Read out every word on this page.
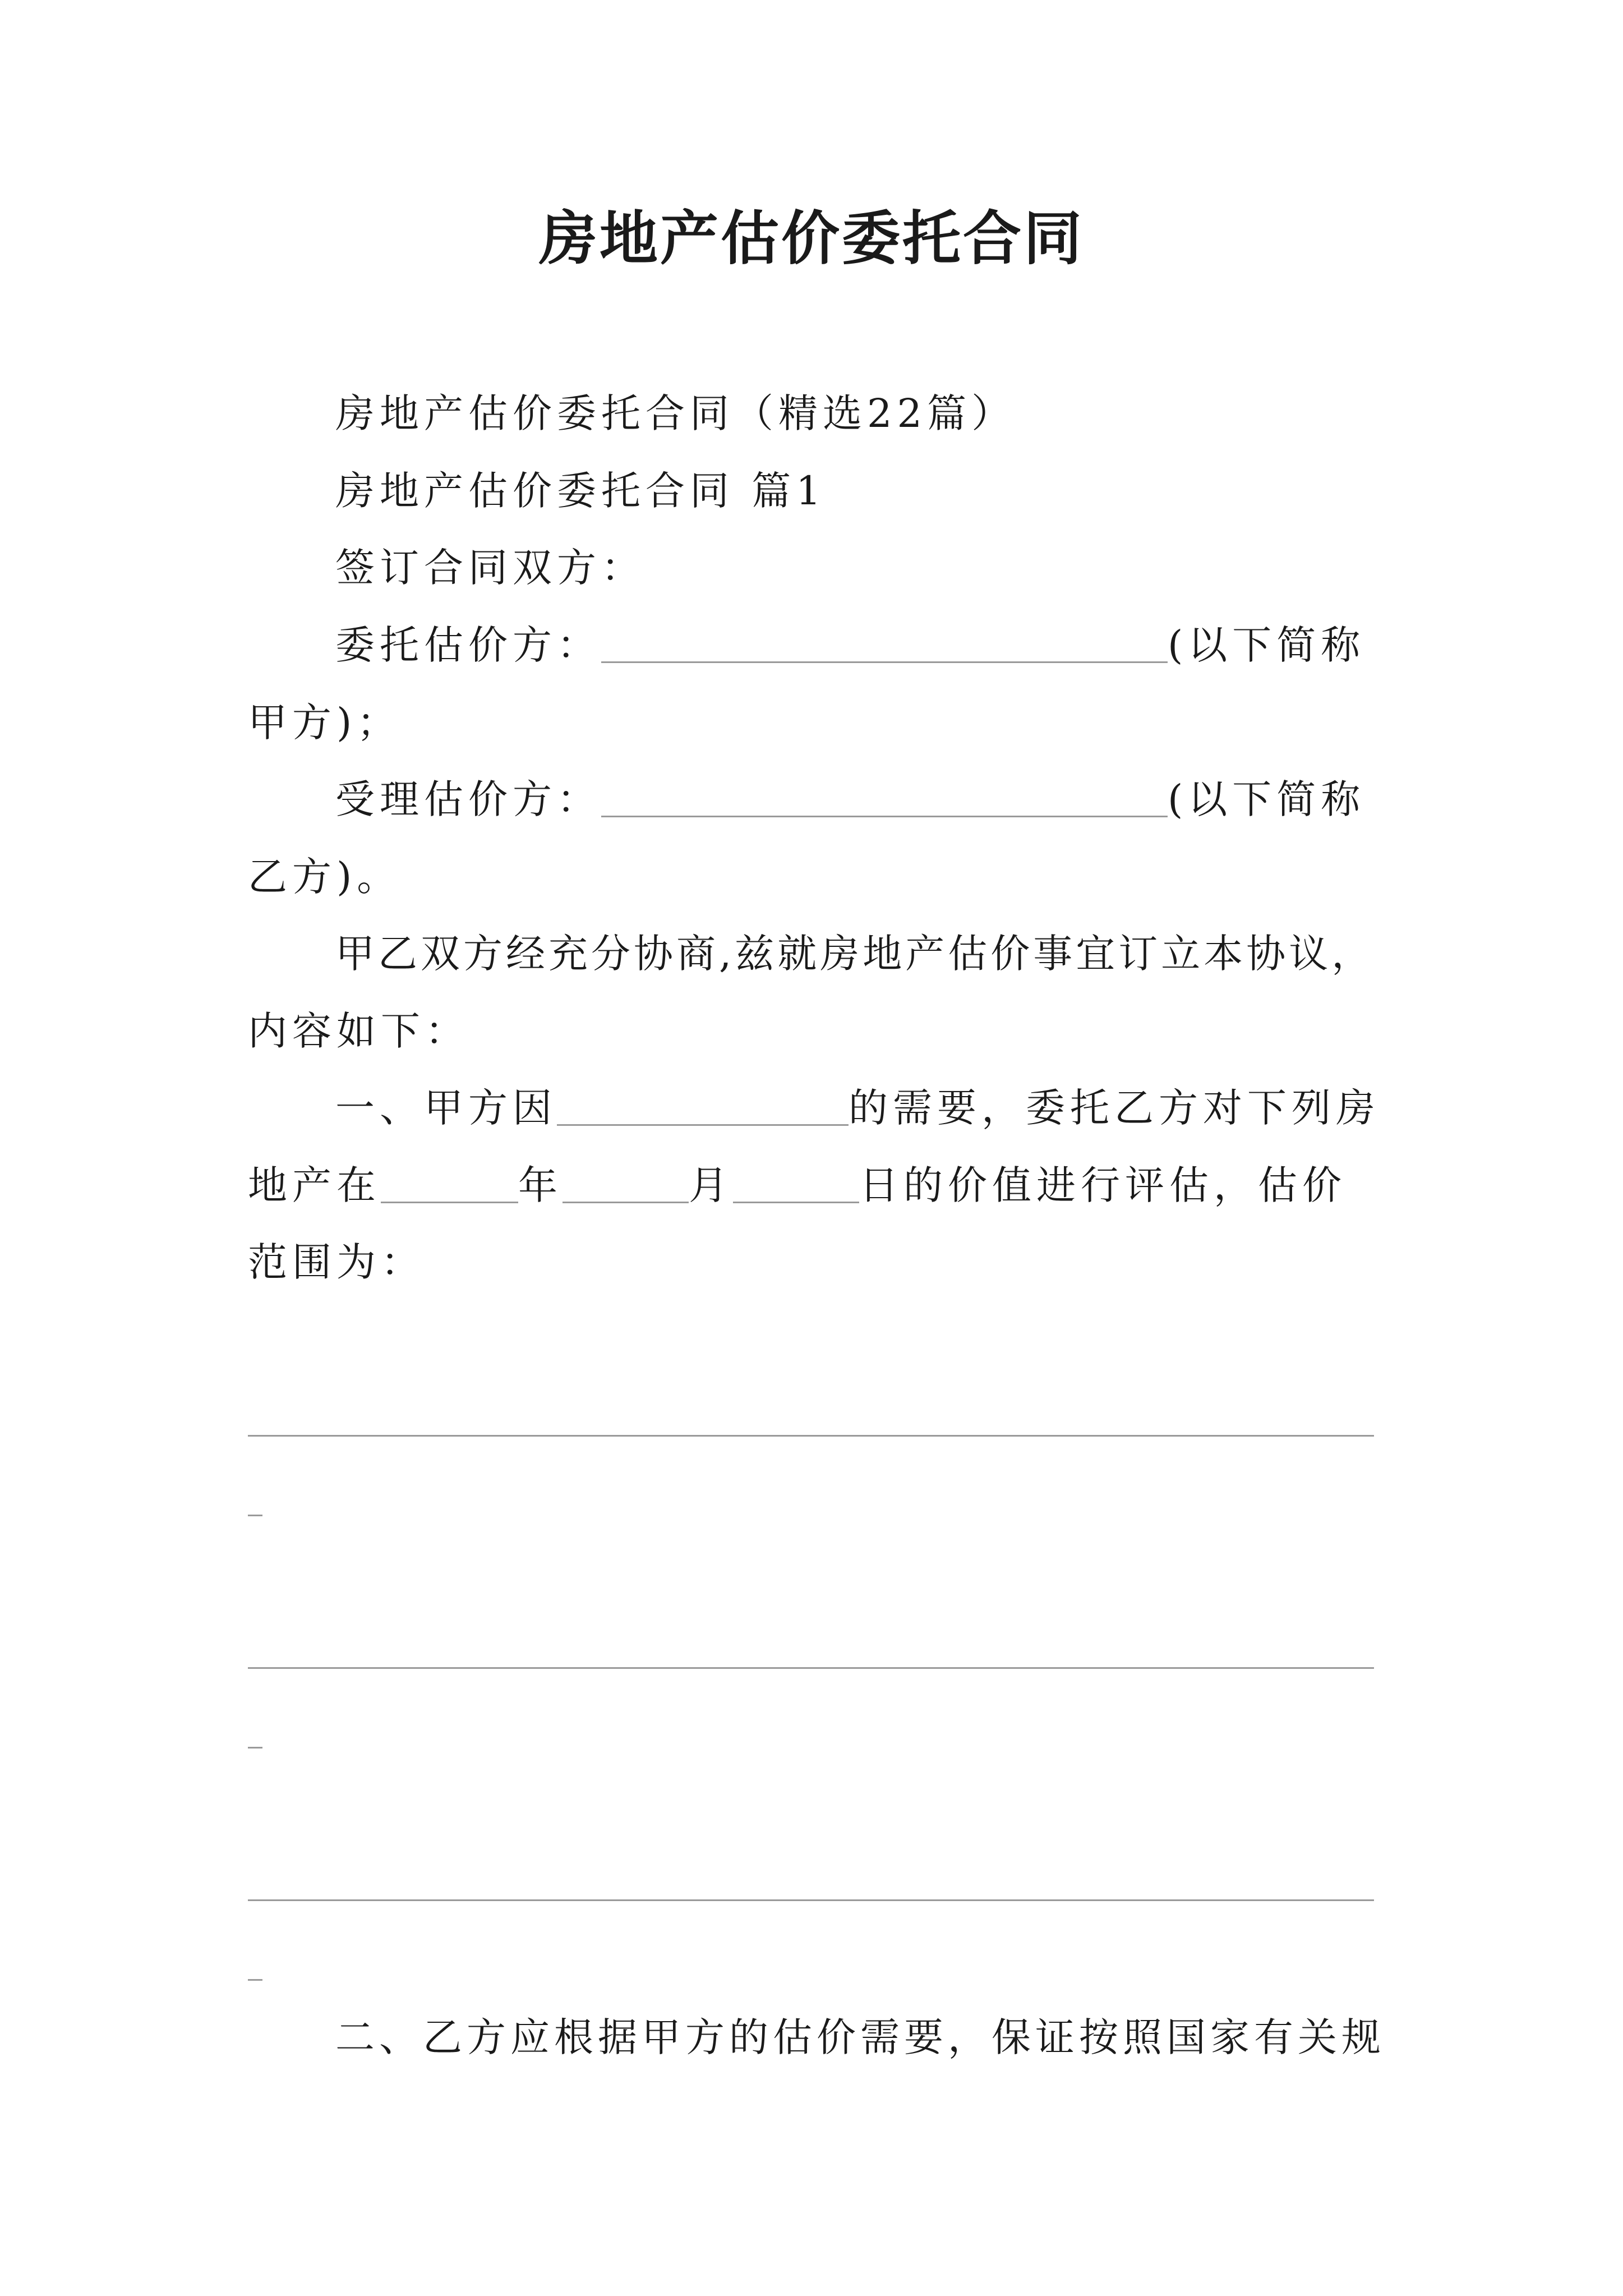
房地产估价委托合同
房地产估价委托合同（精选22篇）
房地产估价委托合同 篇1
签订合同双方：
委托估价方：	(以下简称
甲方)；
受理估价方：	(以下简称
乙方)。
甲乙双方经充分协商,兹就房地产估价事宜订立本协议，
内容如下：
一、甲方因	的需要，委托乙方对下列房
地产在	年	月	日的价值进行评估，估价
范围为：
二、乙方应根据甲方的估价需要，保证按照国家有关规
